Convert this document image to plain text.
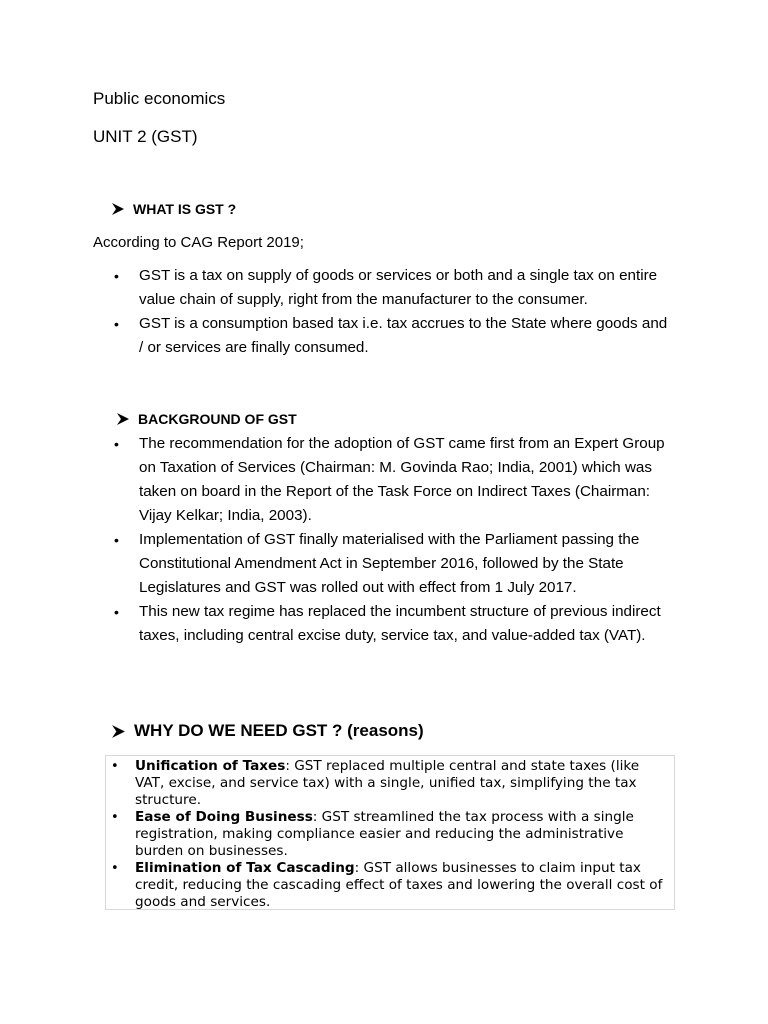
Public economics

UNIT 2 (GST)

WHAT IS GST ?

According to CAG Report 2019;

•	GST is a tax on supply of goods or services or both and a single tax on entire value chain of supply, right from the manufacturer to the consumer.
•	GST is a consumption based tax i.e. tax accrues to the State where goods and / or services are finally consumed.
BACKGROUND OF GST
•	The recommendation for the adoption of GST came first from an Expert Group on Taxation of Services (Chairman: M. Govinda Rao; India, 2001) which was taken on board in the Report of the Task Force on Indirect Taxes (Chairman: Vijay Kelkar; India, 2003).
•	Implementation of GST finally materialised with the Parliament passing the Constitutional Amendment Act in September 2016, followed by the State Legislatures and GST was rolled out with effect from 1 July 2017.
•	This new tax regime has replaced the incumbent structure of previous indirect taxes, including central excise duty, service tax, and value-added tax (VAT).
WHY DO WE NEED GST ? (reasons)
• Unification of Taxes: GST replaced multiple central and state taxes (like VAT, excise, and service tax) with a single, unified tax, simplifying the tax structure.
• Ease of Doing Business: GST streamlined the tax process with a single registration, making compliance easier and reducing the administrative burden on businesses.
• Elimination of Tax Cascading: GST allows businesses to claim input tax credit, reducing the cascading effect of taxes and lowering the overall cost of goods and services.
